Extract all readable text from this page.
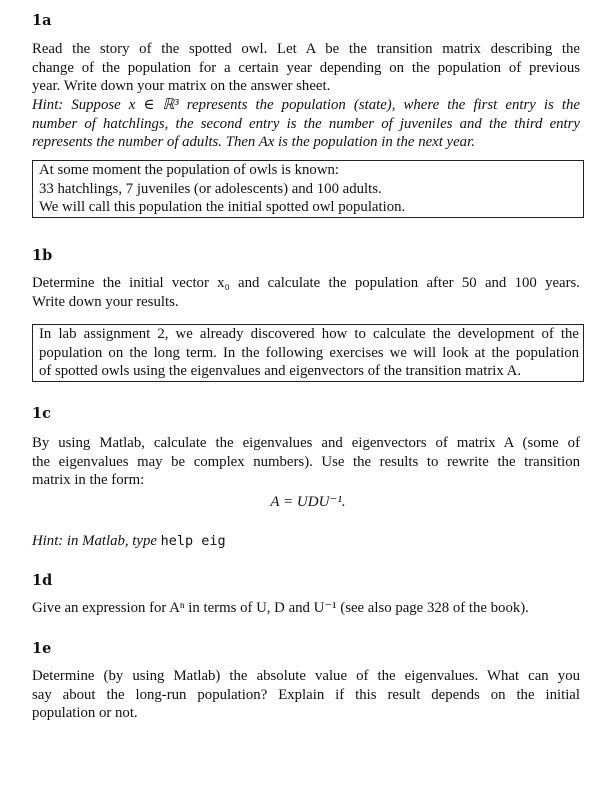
1a
Read the story of the spotted owl. Let A be the transition matrix describing the
change of the population for a certain year depending on the population of previous
year. Write down your matrix on the answer sheet.
Hint: Suppose x ∈ ℝ³ represents the population (state), where the first entry is the
number of hatchlings, the second entry is the number of juveniles and the third entry
represents the number of adults. Then Ax is the population in the next year.
At some moment the population of owls is known:
33 hatchlings, 7 juveniles (or adolescents) and 100 adults.
We will call this population the initial spotted owl population.
1b
Determine the initial vector x₀ and calculate the population after 50 and 100 years.
Write down your results.
In lab assignment 2, we already discovered how to calculate the development of the
population on the long term. In the following exercises we will look at the population
of spotted owls using the eigenvalues and eigenvectors of the transition matrix A.
1c
By using Matlab, calculate the eigenvalues and eigenvectors of matrix A (some of
the eigenvalues may be complex numbers). Use the results to rewrite the transition
matrix in the form:
A = UDU⁻¹.
Hint: in Matlab, type help eig
1d
Give an expression for Aⁿ in terms of U, D and U⁻¹ (see also page 328 of the book).
1e
Determine (by using Matlab) the absolute value of the eigenvalues. What can you
say about the long-run population? Explain if this result depends on the initial
population or not.
